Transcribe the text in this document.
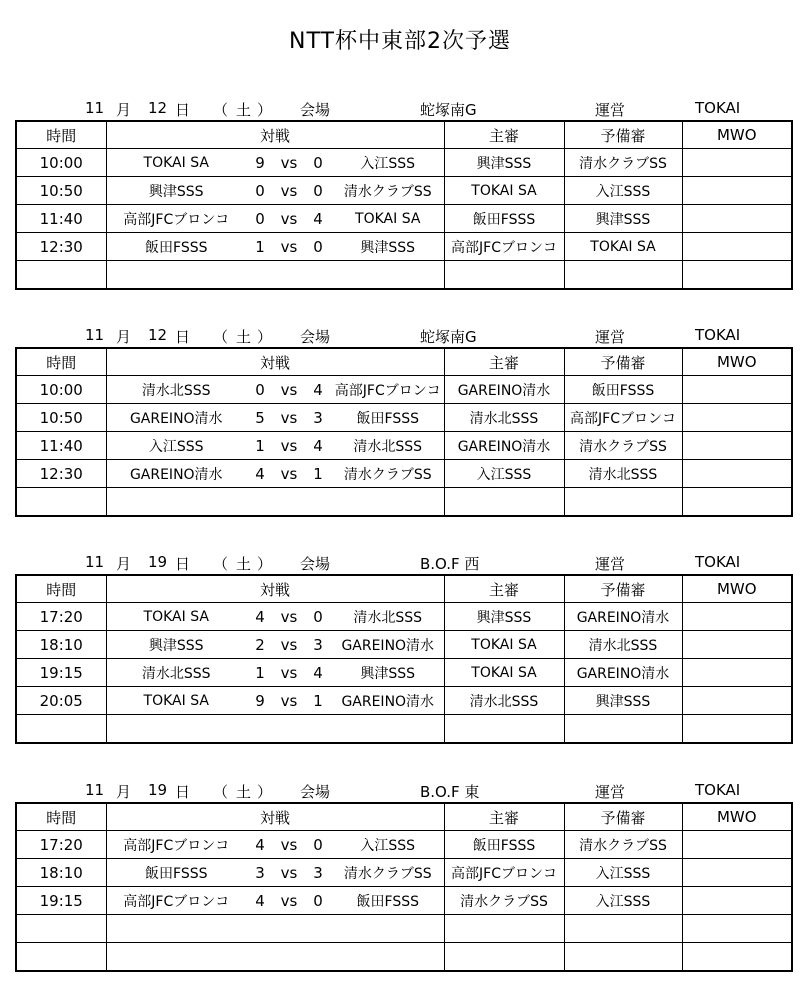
NTT杯中東部2次予選
11 月 12 日 （ 土 ） 会場	蛇塚南G	運営	TOKAI
時間	対戦					主審	予備審	MWO
10:00	TOKAI SA	9	vs	0	入江SSS	興津SSS	清水クラブSS	
10:50	興津SSS	0	vs	0	清水クラブSS	TOKAI SA	入江SSS	
11:40	高部JFCブロンコ	0	vs	4	TOKAI SA	飯田FSSS	興津SSS	
12:30	飯田FSSS	1	vs	0	興津SSS	高部JFCブロンコ	TOKAI SA	

11 月 12 日 （ 土 ） 会場	蛇塚南G	運営	TOKAI
時間	対戦					主審	予備審	MWO
10:00	清水北SSS	0	vs	4	高部JFCブロンコ	GAREINO清水	飯田FSSS	
10:50	GAREINO清水	5	vs	3	飯田FSSS	清水北SSS	高部JFCブロンコ	
11:40	入江SSS	1	vs	4	清水北SSS	GAREINO清水	清水クラブSS	
12:30	GAREINO清水	4	vs	1	清水クラブSS	入江SSS	清水北SSS	

11 月 19 日 （ 土 ） 会場	B.O.F 西	運営	TOKAI
時間	対戦					主審	予備審	MWO
17:20	TOKAI SA	4	vs	0	清水北SSS	興津SSS	GAREINO清水	
18:10	興津SSS	2	vs	3	GAREINO清水	TOKAI SA	清水北SSS	
19:15	清水北SSS	1	vs	4	興津SSS	TOKAI SA	GAREINO清水	
20:05	TOKAI SA	9	vs	1	GAREINO清水	清水北SSS	興津SSS	

11 月 19 日 （ 土 ） 会場	B.O.F 東	運営	TOKAI
時間	対戦					主審	予備審	MWO
17:20	高部JFCブロンコ	4	vs	0	入江SSS	飯田FSSS	清水クラブSS	
18:10	飯田FSSS	3	vs	3	清水クラブSS	高部JFCブロンコ	入江SSS	
19:15	高部JFCブロンコ	4	vs	0	飯田FSSS	清水クラブSS	入江SSS	
